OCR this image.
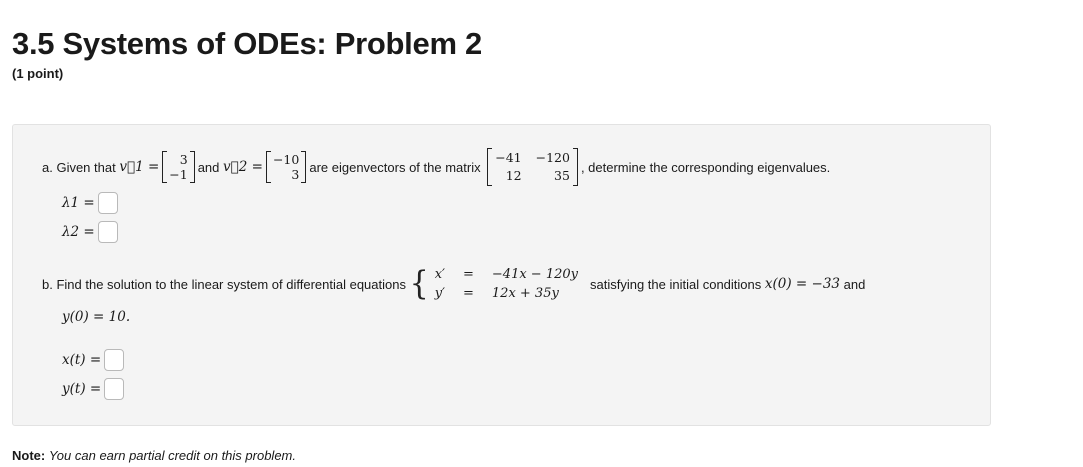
3.5 Systems of ODEs: Problem 2
(1 point)
a. Given that
v⃗1 =	3
−1 and
v⃗2 = −10
3 are eigenvectors of the matrix

−41 −120
12	35
, determine the corresponding eigenvalues.
λ1 =
λ2 =
b. Find the solution to the linear system of differential equations
{ x′	=	−41x − 120y
y′	=	12x + 35y
satisfying the initial conditions
x(0) = −33
and
y(0) = 10.
x(t) =
y(t) =
Note: You can earn partial credit on this problem.
